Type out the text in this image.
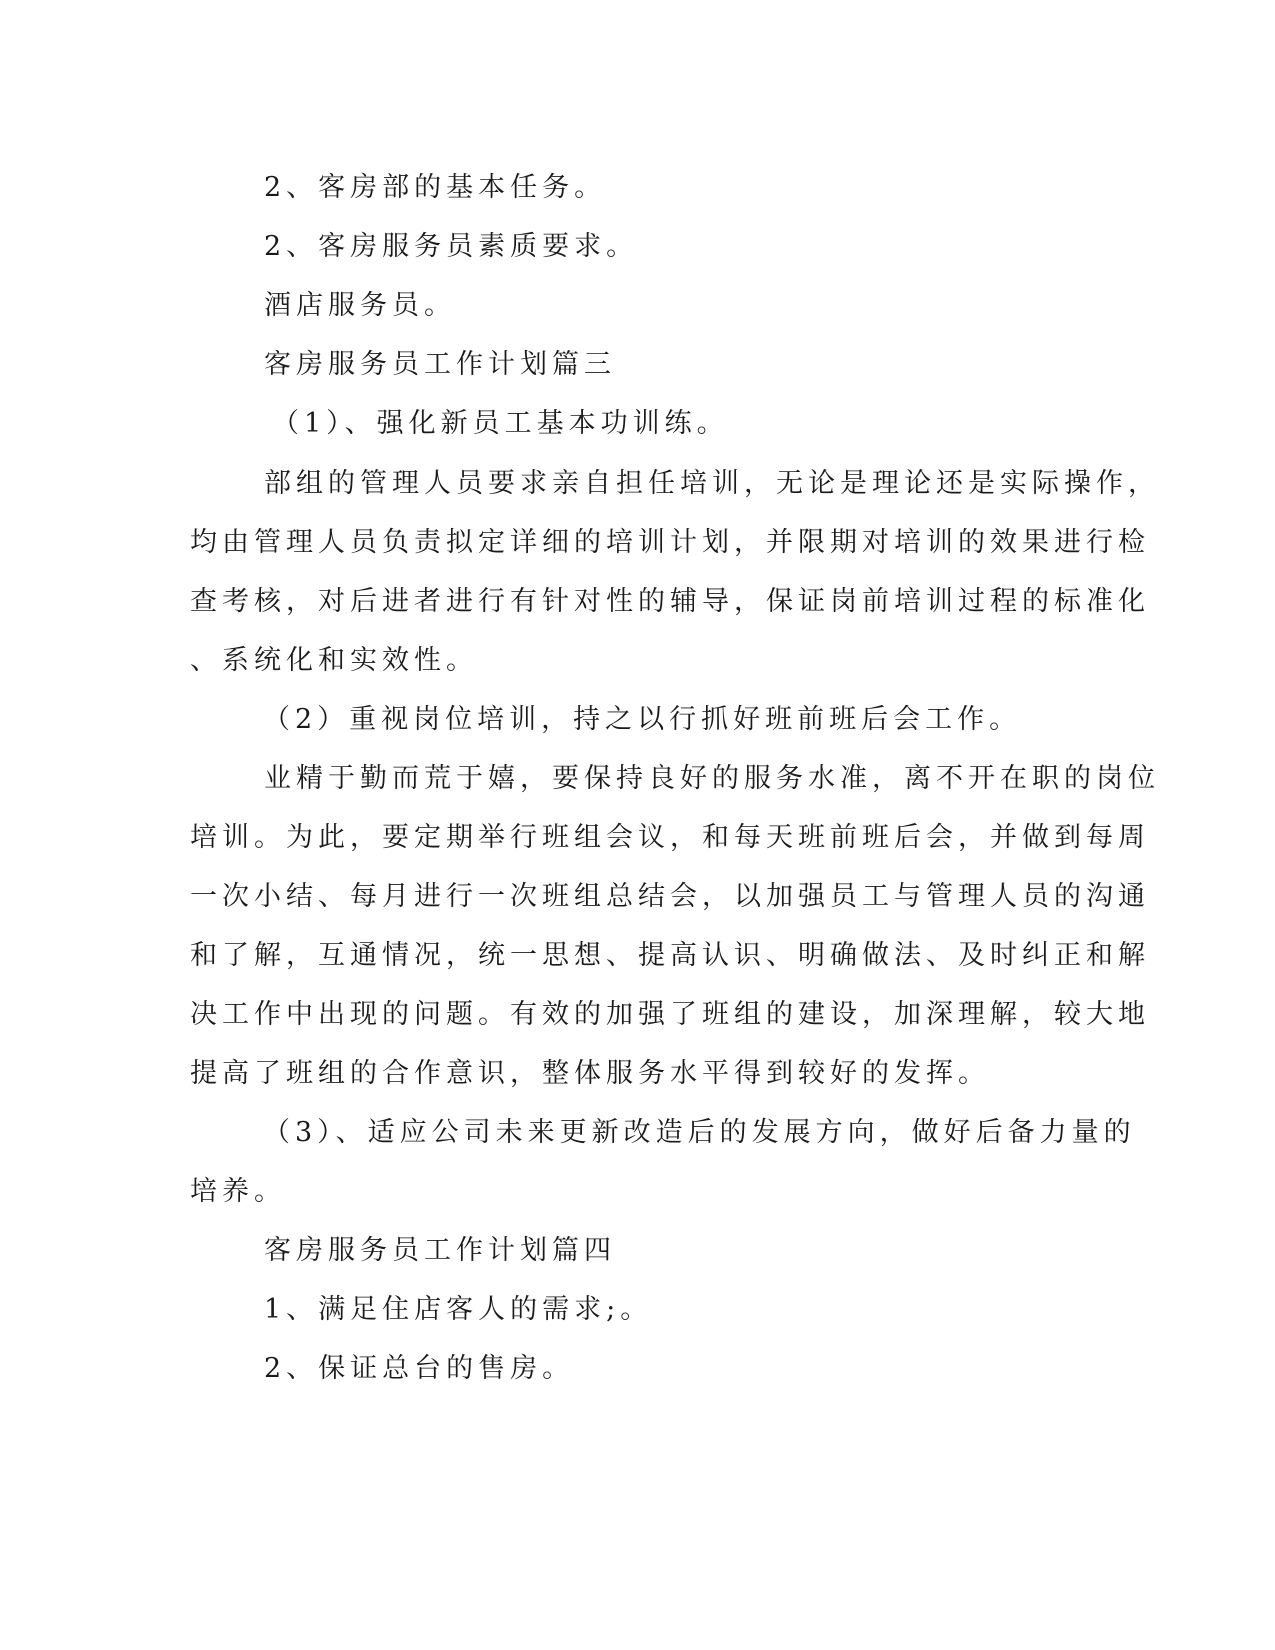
2、客房部的基本任务。
2、客房服务员素质要求。
酒店服务员。
客房服务员工作计划篇三
（1）、强化新员工基本功训练。
部组的管理人员要求亲自担任培训，无论是理论还是实际操作，
均由管理人员负责拟定详细的培训计划，并限期对培训的效果进行检
查考核，对后进者进行有针对性的辅导，保证岗前培训过程的标准化
、系统化和实效性。
（2）重视岗位培训，持之以行抓好班前班后会工作。
业精于勤而荒于嬉，要保持良好的服务水准，离不开在职的岗位
培训。为此，要定期举行班组会议，和每天班前班后会，并做到每周
一次小结、每月进行一次班组总结会，以加强员工与管理人员的沟通
和了解，互通情况，统一思想、提高认识、明确做法、及时纠正和解
决工作中出现的问题。有效的加强了班组的建设，加深理解，较大地
提高了班组的合作意识，整体服务水平得到较好的发挥。
（3）、适应公司未来更新改造后的发展方向，做好后备力量的
培养。
客房服务员工作计划篇四
1、满足住店客人的需求;。
2、保证总台的售房。
